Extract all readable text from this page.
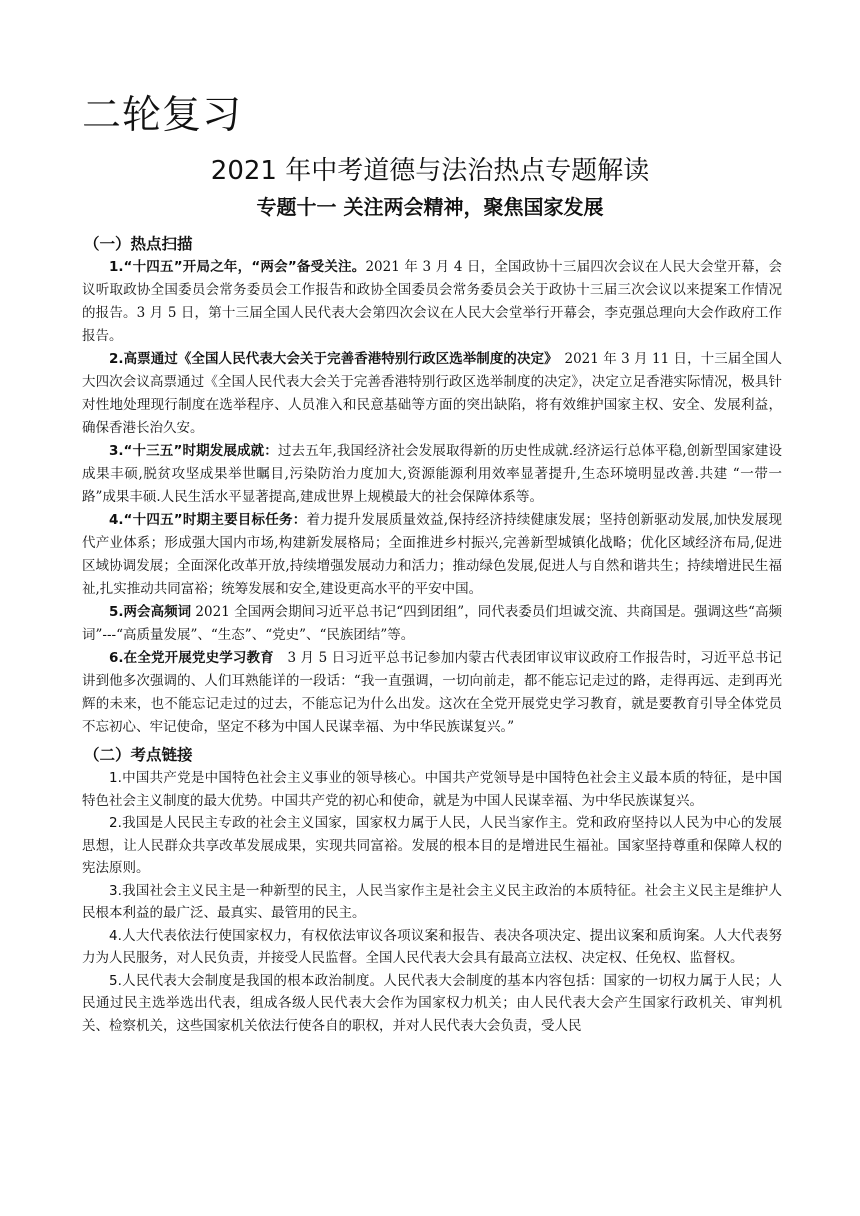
二轮复习
2021 年中考道德与法治热点专题解读
专题十一 关注两会精神，聚焦国家发展
（一）热点扫描

1.“十四五”开局之年，“两会”备受关注。2021 年 3 月 4 日，全国政协十三届四次会议在人民大会堂开幕，会议听取政协全国委员会常务委员会工作报告和政协全国委员会常务委员会关于政协十三届三次会议以来提案工作情况的报告。3 月 5 日，第十三届全国人民代表大会第四次会议在人民大会堂举行开幕会，李克强总理向大会作政府工作报告。

2.高票通过《全国人民代表大会关于完善香港特别行政区选举制度的决定》　2021 年 3 月 11 日，十三届全国人大四次会议高票通过《全国人民代表大会关于完善香港特别行政区选举制度的决定》，决定立足香港实际情况，极具针对性地处理现行制度在选举程序、人员准入和民意基础等方面的突出缺陷，将有效维护国家主权、安全、发展利益，确保香港长治久安。

3.“十三五”时期发展成就：过去五年,我国经济社会发展取得新的历史性成就.经济运行总体平稳,创新型国家建设成果丰硕,脱贫攻坚成果举世瞩目,污染防治力度加大,资源能源利用效率显著提升,生态环境明显改善.共建 “一带一路”成果丰硕.人民生活水平显著提高,建成世界上规模最大的社会保障体系等。

4.“十四五”时期主要目标任务：着力提升发展质量效益,保持经济持续健康发展；坚持创新驱动发展,加快发展现代产业体系；形成强大国内市场,构建新发展格局；全面推进乡村振兴,完善新型城镇化战略；优化区域经济布局,促进区域协调发展；全面深化改革开放,持续增强发展动力和活力；推动绿色发展,促进人与自然和谐共生；持续增进民生福祉,扎实推动共同富裕；统筹发展和安全,建设更高水平的平安中国。

5.两会高频词 2021 全国两会期间习近平总书记“四到团组”，同代表委员们坦诚交流、共商国是。强调这些“高频词”---“高质量发展”、“生态”、“党史”、“民族团结”等。

6.在全党开展党史学习教育　3 月 5 日习近平总书记参加内蒙古代表团审议审议政府工作报告时，习近平总书记讲到他多次强调的、人们耳熟能详的一段话：“我一直强调，一切向前走，都不能忘记走过的路，走得再远、走到再光辉的未来，也不能忘记走过的过去，不能忘记为什么出发。这次在全党开展党史学习教育，就是要教育引导全体党员不忘初心、牢记使命，坚定不移为中国人民谋幸福、为中华民族谋复兴。”

（二）考点链接

1.中国共产党是中国特色社会主义事业的领导核心。中国共产党领导是中国特色社会主义最本质的特征，是中国特色社会主义制度的最大优势。中国共产党的初心和使命，就是为中国人民谋幸福、为中华民族谋复兴。

2.我国是人民民主专政的社会主义国家，国家权力属于人民，人民当家作主。党和政府坚持以人民为中心的发展思想，让人民群众共享改革发展成果，实现共同富裕。发展的根本目的是增进民生福祉。国家坚持尊重和保障人权的宪法原则。

3.我国社会主义民主是一种新型的民主，人民当家作主是社会主义民主政治的本质特征。社会主义民主是维护人民根本利益的最广泛、最真实、最管用的民主。

4.人大代表依法行使国家权力，有权依法审议各项议案和报告、表决各项决定、提出议案和质询案。人大代表努力为人民服务，对人民负责，并接受人民监督。全国人民代表大会具有最高立法权、决定权、任免权、监督权。

5.人民代表大会制度是我国的根本政治制度。人民代表大会制度的基本内容包括：国家的一切权力属于人民；人民通过民主选举选出代表，组成各级人民代表大会作为国家权力机关；由人民代表大会产生国家行政机关、审判机关、检察机关，这些国家机关依法行使各自的职权，并对人民代表大会负责，受人民
